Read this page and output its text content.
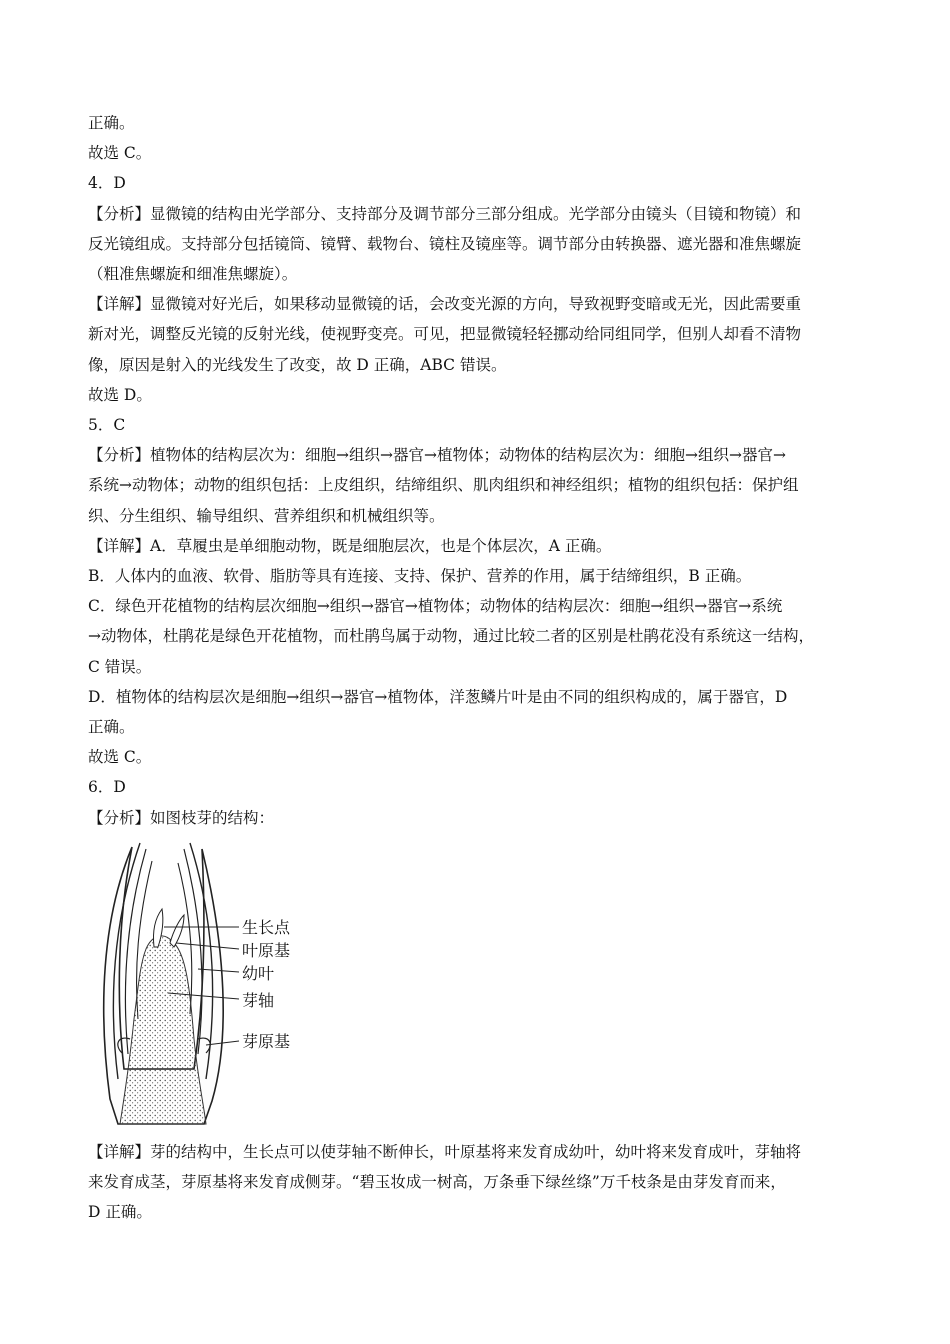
正确。

故选 C。

4．D

【分析】显微镜的结构由光学部分、支持部分及调节部分三部分组成。光学部分由镜头（目镜和物镜）和

反光镜组成。支持部分包括镜筒、镜臂、载物台、镜柱及镜座等。调节部分由转换器、遮光器和准焦螺旋

（粗准焦螺旋和细准焦螺旋）。

【详解】显微镜对好光后，如果移动显微镜的话，会改变光源的方向，导致视野变暗或无光，因此需要重

新对光，调整反光镜的反射光线，使视野变亮。可见，把显微镜轻轻挪动给同组同学，但别人却看不清物

像，原因是射入的光线发生了改变，故 D 正确，ABC 错误。

故选 D。

5．C

【分析】植物体的结构层次为：细胞→组织→器官→植物体；动物体的结构层次为：细胞→组织→器官→

系统→动物体；动物的组织包括：上皮组织，结缔组织、肌肉组织和神经组织；植物的组织包括：保护组

织、分生组织、输导组织、营养组织和机械组织等。

【详解】A．草履虫是单细胞动物，既是细胞层次，也是个体层次，A 正确。

B．人体内的血液、软骨、脂肪等具有连接、支持、保护、营养的作用，属于结缔组织，B 正确。

C．绿色开花植物的结构层次细胞→组织→器官→植物体；动物体的结构层次：细胞→组织→器官→系统

→动物体，杜鹃花是绿色开花植物，而杜鹃鸟属于动物，通过比较二者的区别是杜鹃花没有系统这一结构，

C 错误。

D．植物体的结构层次是细胞→组织→器官→植物体，洋葱鳞片叶是由不同的组织构成的，属于器官，D

正确。

故选 C。

6．D

【分析】如图枝芽的结构：

生长点
叶原基
幼叶
芽轴
芽原基

【详解】芽的结构中，生长点可以使芽轴不断伸长，叶原基将来发育成幼叶，幼叶将来发育成叶，芽轴将

来发育成茎，芽原基将来发育成侧芽。“碧玉妆成一树高，万条垂下绿丝绦”万千枝条是由芽发育而来，

D 正确。
